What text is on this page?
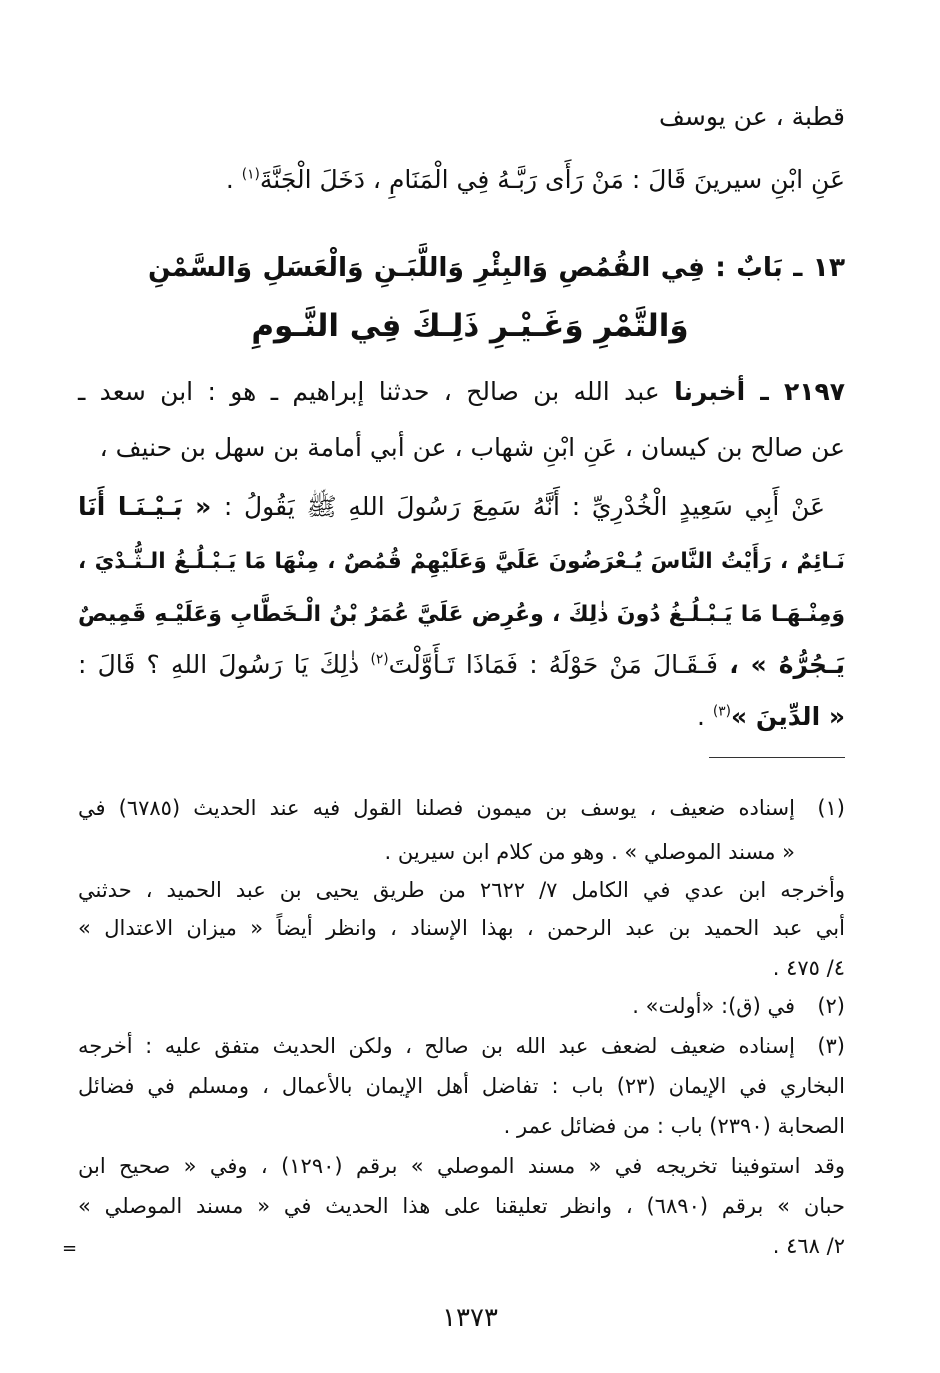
قطبة ، عن يوسف

عَنِ ابْنِ سيرينَ قَالَ : مَنْ رَأَى رَبَّـهُ فِي الْمَنَامِ ، دَخَلَ الْجَنَّةَ$^{(١)}$ .

١٣ ـ بَابٌ : فِي القُمُصِ وَالبِئْرِ وَاللَّبَـنِ وَالْعَسَلِ وَالسَّمْنِ

وَالتَّمْرِ وَغَـيْـرِ ذَلِـكَ فِي النَّـومِ

٢١٩٧ ـ أخبرنا عبد الله بن صالح ، حدثنا إبراهيم ـ هو : ابن سعد ـ

عن صالح بن كيسان ، عَنِ ابْنِ شهاب ، عن أبي أمامة بن سهل بن حنيف ،

عَنْ أَبِي سَعِيدٍ الْخُدْرِيِّ : أَنَّهُ سَمِعَ رَسُولَ اللهِ ﷺ يَقُولُ : « بَـيْـنَـا أَنَا

نَـائِمٌ ، رَأَيْتُ النَّاسَ يُـعْرَضُونَ عَلَيَّ وَعَلَيْهِمْ قُمُصٌ ، مِنْهَا مَا يَـبْـلُـغُ الـثُّـدْيَ ،

وَمِنْـهَـا مَا يَـبْـلُـغُ دُونَ ذٰلِكَ ، وعُرِض عَلَيَّ عُمَرُ بْنُ الْـخَطَّابِ وَعَلَيْـهِ قَمِيصٌ

يَـجُرُّهُ » ، فَـقَـالَ مَنْ حَوْلَهُ : فَمَاذَا تَـأَوَّلْتَ$^{(٢)}$ ذٰلِكَ يَا رَسُولَ اللهِ ؟ قَالَ :

« الدِّينَ »$^{(٣)}$ .

(١)

إسناده ضعيف ، يوسف بن ميمون فصلنا القول فيه عند الحديث (٦٧٨٥) في

« مسند الموصلي » . وهو من كلام ابن سيرين .

وأخرجه ابن عدي في الكامل ٧/ ٢٦٢٢ من طريق يحيى بن عبد الحميد ، حدثني

أبي عبد الحميد بن عبد الرحمن ، بهذا الإسناد ، وانظر أيضاً « ميزان الاعتدال »

٤/ ٤٧٥ .

(٢)

في (ق): «أولت» .

(٣)

إسناده ضعيف لضعف عبد الله بن صالح ، ولكن الحديث متفق عليه : أخرجه

البخاري في الإيمان (٢٣) باب : تفاضل أهل الإيمان بالأعمال ، ومسلم في فضائل

الصحابة (٢٣٩٠) باب : من فضائل عمر .

وقد استوفينا تخريجه في « مسند الموصلي » برقم (١٢٩٠) ، وفي « صحيح ابن

حبان » برقم (٦٨٩٠) ، وانظر تعليقنا على هذا الحديث في « مسند الموصلي »

٢/ ٤٦٨ .

=
١٣٧٣
